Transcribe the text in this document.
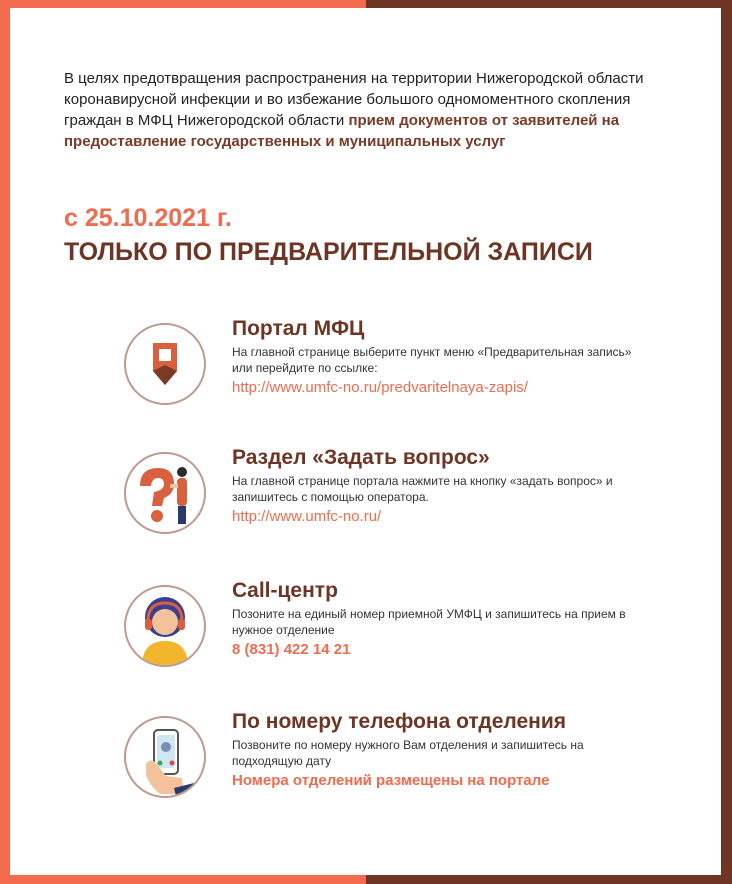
В целях предотвращения распространения на территории Нижегородской области коронавирусной инфекции и во избежание большого одномоментного скопления граждан в МФЦ Нижегородской области прием документов от заявителей на предоставление государственных и муниципальных услуг

с 25.10.2021 г.
ТОЛЬКО ПО ПРЕДВАРИТЕЛЬНОЙ ЗАПИСИ
Портал МФЦ
На главной странице выберите пункт меню «Предварительная запись» или перейдите по ссылке:
http://www.umfc-no.ru/predvaritelnaya-zapis/
Раздел «Задать вопрос»
На главной странице портала нажмите на кнопку «задать вопрос» и запишитесь с помощью оператора.
http://www.umfc-no.ru/
Call-центр
Позоните на единый номер приемной УМФЦ и запишитесь на прием в нужное отделение
8 (831) 422 14 21
По номеру телефона отделения
Позвоните по номеру нужного Вам отделения и запишитесь на подходящую дату
Номера отделений размещены на портале
